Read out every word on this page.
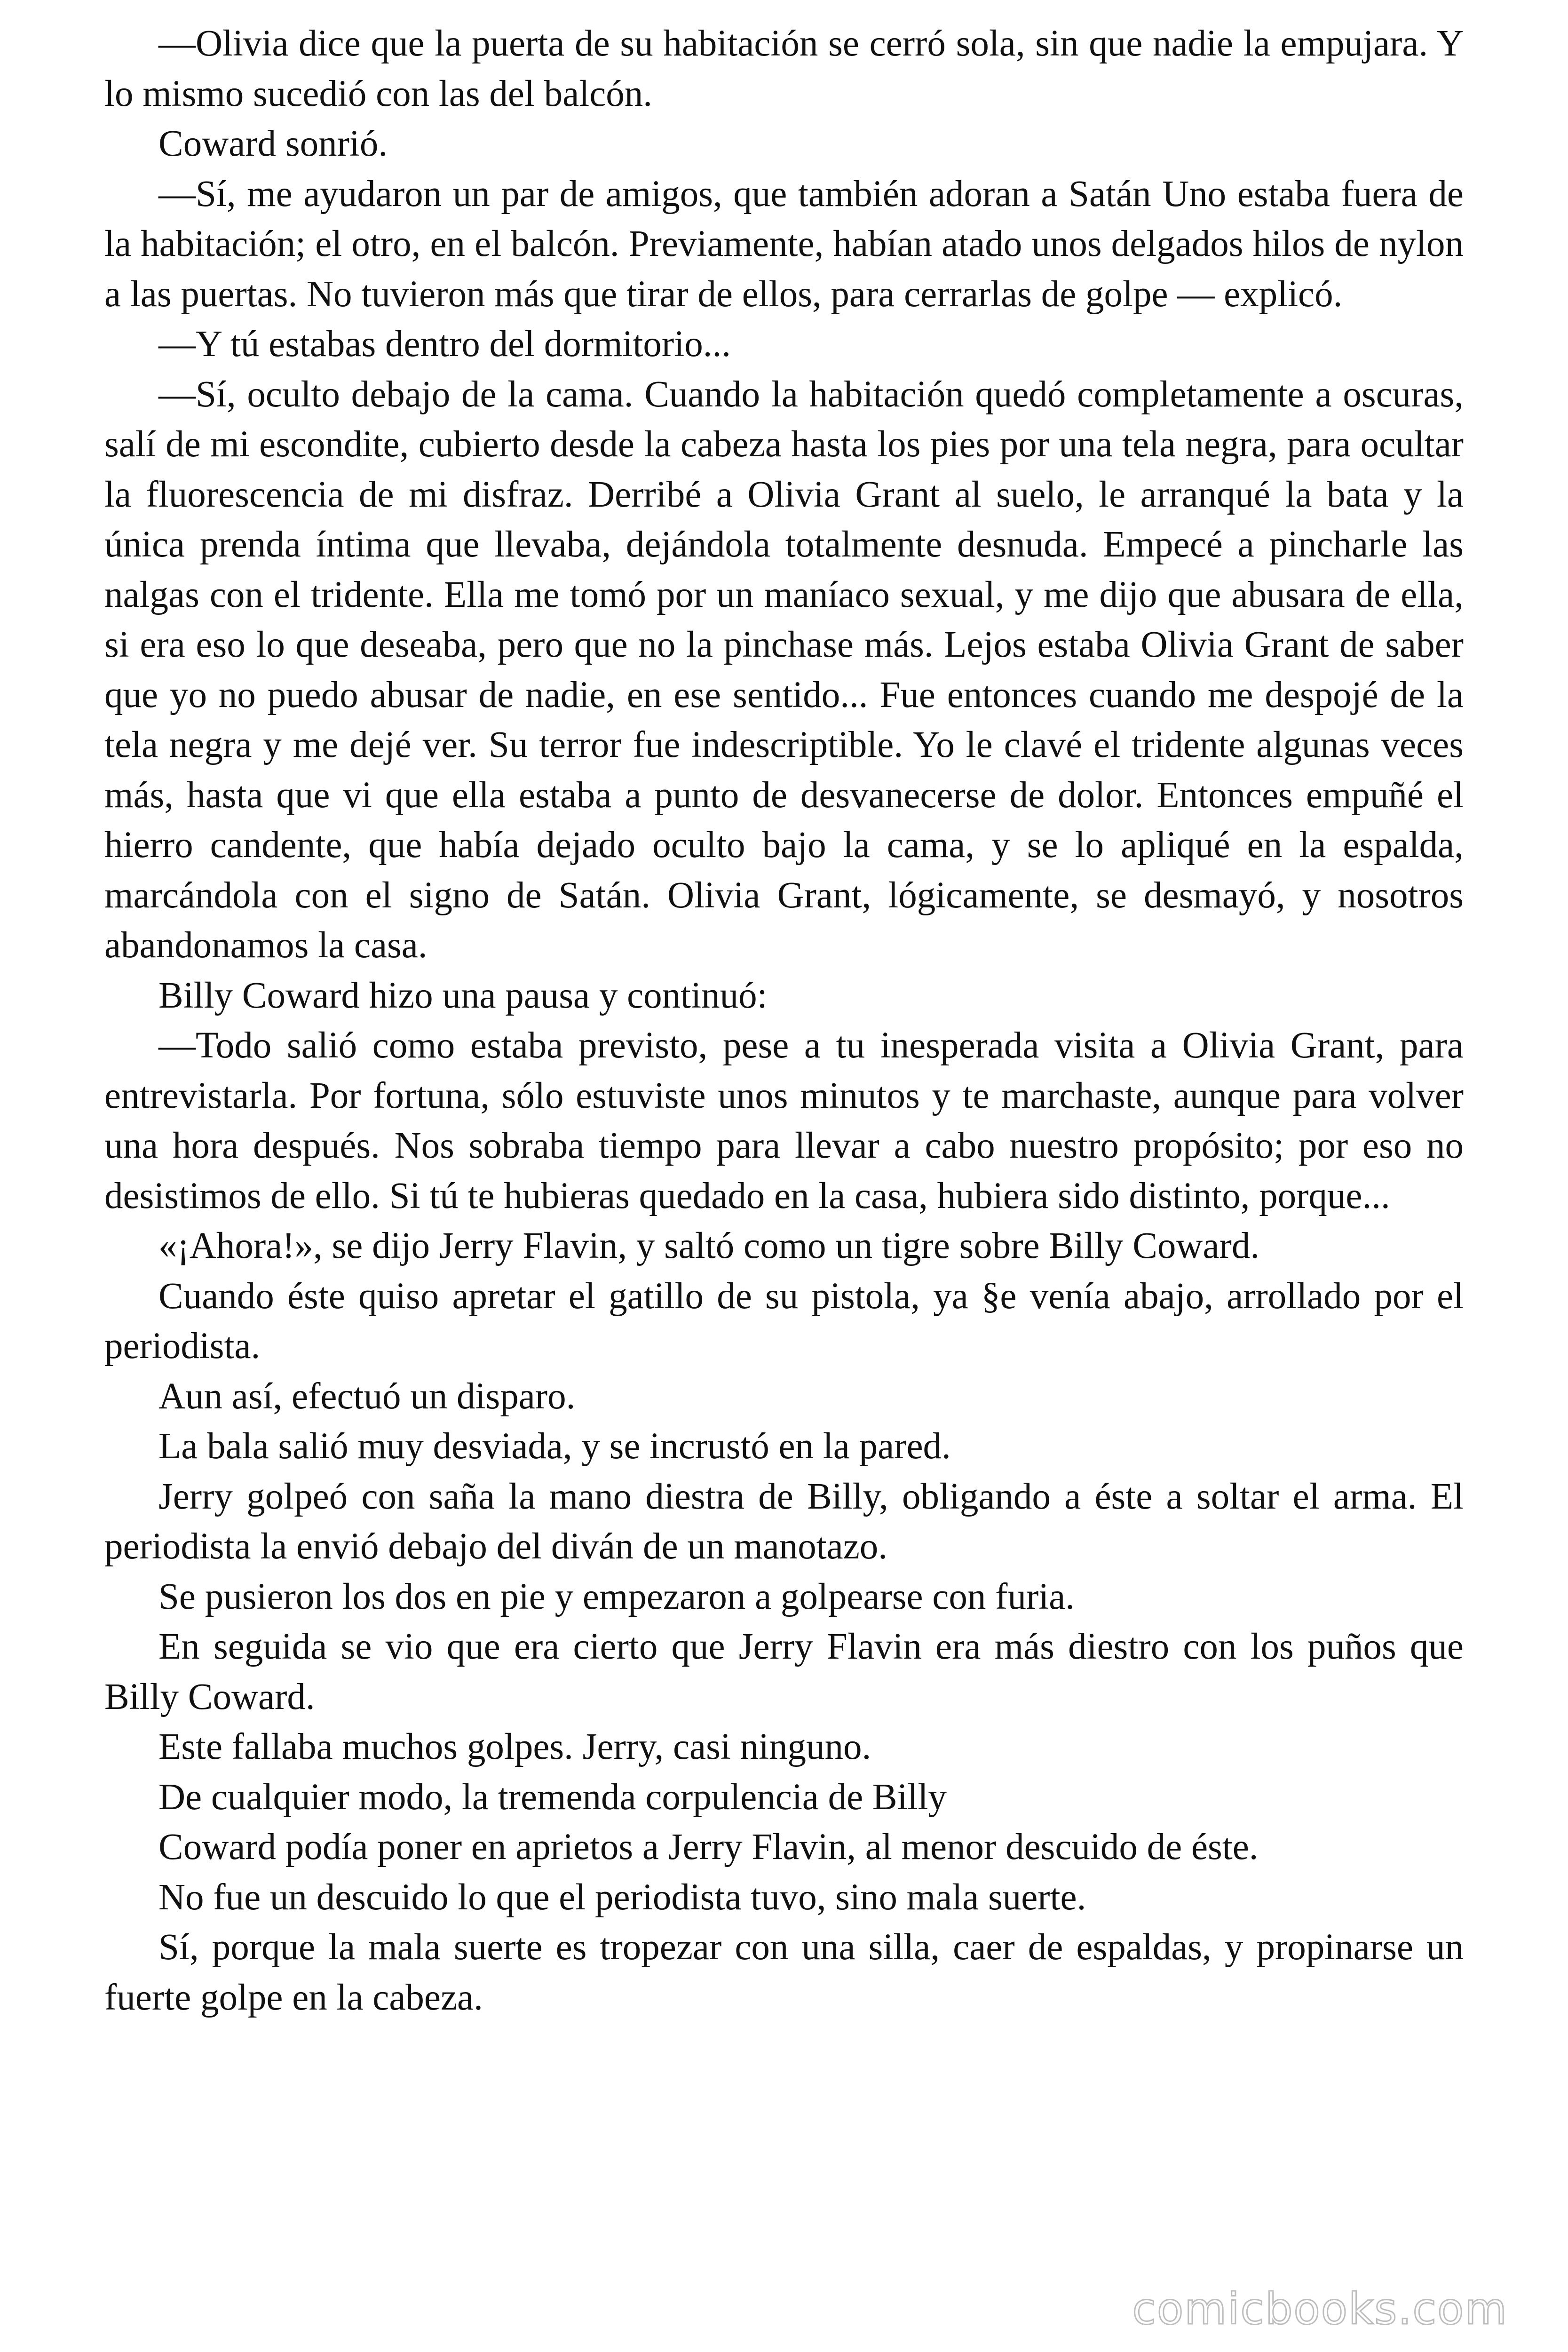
—Olivia dice que la puerta de su habitación se cerró sola, sin que nadie la empujara. Y lo mismo sucedió con las del balcón.

Coward sonrió.

—Sí, me ayudaron un par de amigos, que también adoran a Satán Uno estaba fuera de la habitación; el otro, en el balcón. Previamente, habían atado unos delgados hilos de nylon a las puertas. No tuvieron más que tirar de ellos, para cerrarlas de golpe — explicó.

—Y tú estabas dentro del dormitorio...

—Sí, oculto debajo de la cama. Cuando la habitación quedó completamente a oscuras, salí de mi escondite, cubierto desde la cabeza hasta los pies por una tela negra, para ocultar la fluorescencia de mi disfraz. Derribé a Olivia Grant al suelo, le arranqué la bata y la única prenda íntima que llevaba, dejándola totalmente desnuda. Empecé a pincharle las nalgas con el tridente. Ella me tomó por un maníaco sexual, y me dijo que abusara de ella, si era eso lo que deseaba, pero que no la pinchase más. Lejos estaba Olivia Grant de saber que yo no puedo abusar de nadie, en ese sentido... Fue entonces cuando me despojé de la tela negra y me dejé ver. Su terror fue indescriptible. Yo le clavé el tridente algunas veces más, hasta que vi que ella estaba a punto de desvanecerse de dolor. Entonces empuñé el hierro candente, que había dejado oculto bajo la cama, y se lo apliqué en la espalda, marcándola con el signo de Satán. Olivia Grant, lógicamente, se desmayó, y nosotros abandonamos la casa.

Billy Coward hizo una pausa y continuó:

—Todo salió como estaba previsto, pese a tu inesperada visita a Olivia Grant, para entrevistarla. Por fortuna, sólo estuviste unos minutos y te marchaste, aunque para volver una hora después. Nos sobraba tiempo para llevar a cabo nuestro propósito; por eso no desistimos de ello. Si tú te hubieras quedado en la casa, hubiera sido distinto, porque...

«¡Ahora!», se dijo Jerry Flavin, y saltó como un tigre sobre Billy Coward.

Cuando éste quiso apretar el gatillo de su pistola, ya §e venía abajo, arrollado por el periodista.

Aun así, efectuó un disparo.

La bala salió muy desviada, y se incrustó en la pared.

Jerry golpeó con saña la mano diestra de Billy, obligando a éste a soltar el arma. El periodista la envió debajo del diván de un manotazo.

Se pusieron los dos en pie y empezaron a golpearse con furia.

En seguida se vio que era cierto que Jerry Flavin era más diestro con los puños que Billy Coward.

Este fallaba muchos golpes. Jerry, casi ninguno.

De cualquier modo, la tremenda corpulencia de Billy

Coward podía poner en aprietos a Jerry Flavin, al menor descuido de éste.

No fue un descuido lo que el periodista tuvo, sino mala suerte.

Sí, porque la mala suerte es tropezar con una silla, caer de espaldas, y propinarse un fuerte golpe en la cabeza.

comicbooks.com
